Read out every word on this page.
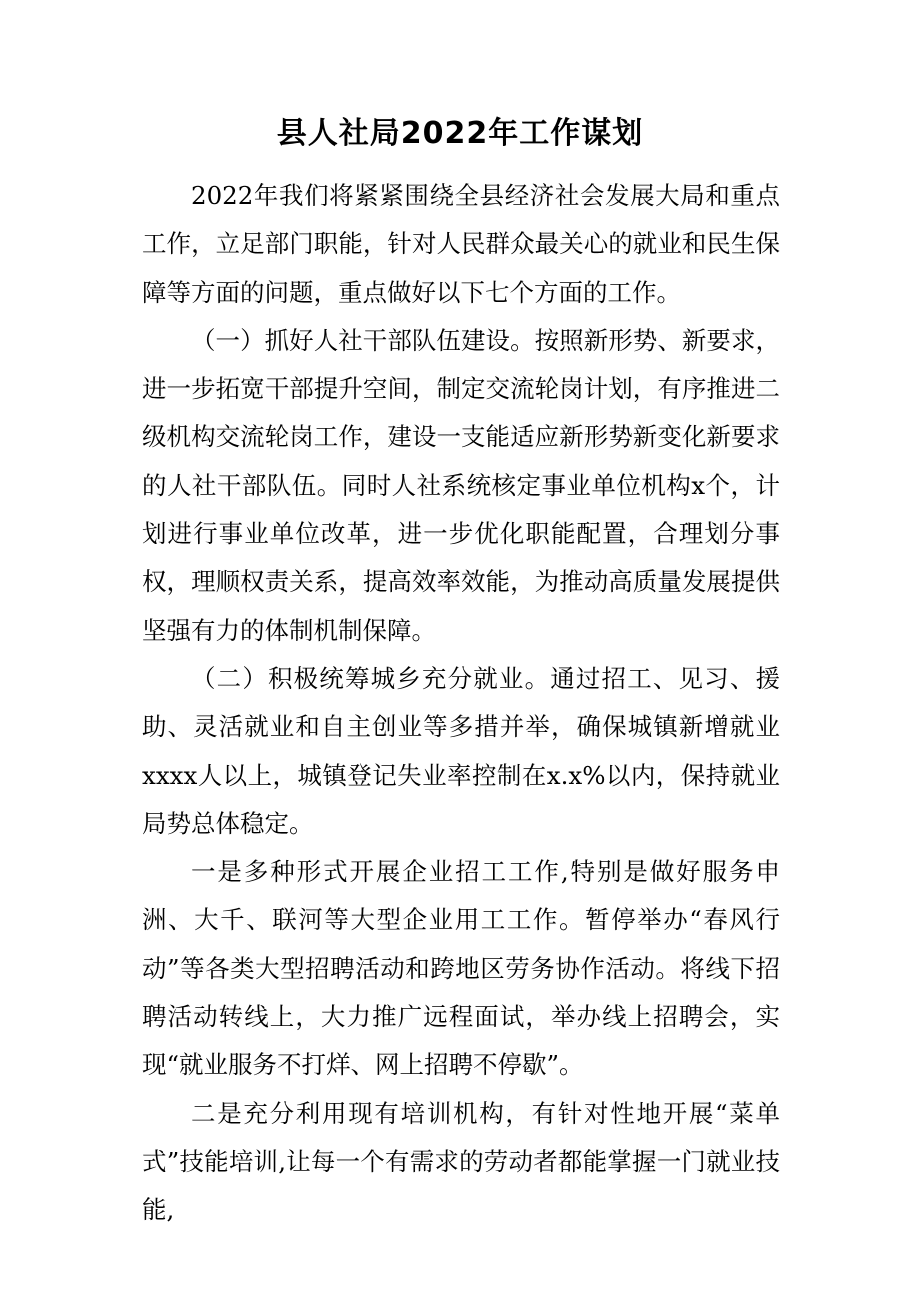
县人社局2022年工作谋划

2022年我们将紧紧围绕全县经济社会发展大局和重点工作，立足部门职能，针对人民群众最关心的就业和民生保障等方面的问题，重点做好以下七个方面的工作。

（一）抓好人社干部队伍建设。按照新形势、新要求，进一步拓宽干部提升空间，制定交流轮岗计划，有序推进二级机构交流轮岗工作，建设一支能适应新形势新变化新要求的人社干部队伍。同时人社系统核定事业单位机构x个，计划进行事业单位改革，进一步优化职能配置，合理划分事权，理顺权责关系，提高效率效能，为推动高质量发展提供坚强有力的体制机制保障。

（二）积极统筹城乡充分就业。通过招工、见习、援助、灵活就业和自主创业等多措并举，确保城镇新增就业xxxx人以上，城镇登记失业率控制在x.x%以内，保持就业局势总体稳定。

一是多种形式开展企业招工工作,特别是做好服务申洲、大千、联河等大型企业用工工作。暂停举办“春风行动”等各类大型招聘活动和跨地区劳务协作活动。将线下招聘活动转线上，大力推广远程面试，举办线上招聘会，实现“就业服务不打烊、网上招聘不停歇”。

二是充分利用现有培训机构，有针对性地开展“菜单式”技能培训,让每一个有需求的劳动者都能掌握一门就业技能,
